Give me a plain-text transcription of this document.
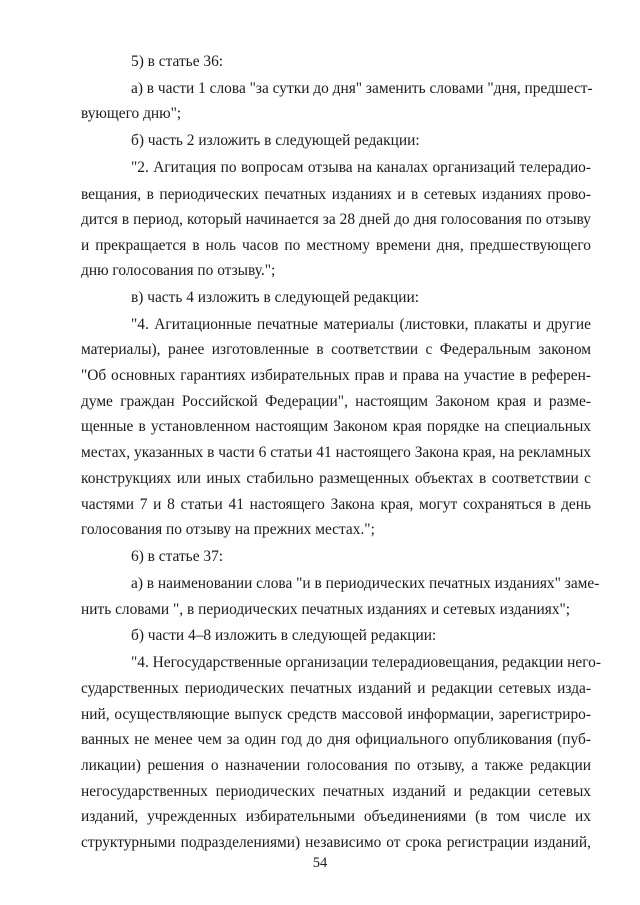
5) в статье 36:
а) в части 1 слова "за сутки до дня" заменить словами "дня, предшест-
вующего дню";
б) часть 2 изложить в следующей редакции:
"2. Агитация по вопросам отзыва на каналах организаций телерадио-
вещания, в периодических печатных изданиях и в сетевых изданиях прово-
дится в период, который начинается за 28 дней до дня голосования по отзыву
и прекращается в ноль часов по местному времени дня, предшествующего
дню голосования по отзыву.";
в) часть 4 изложить в следующей редакции:
"4. Агитационные печатные материалы (листовки, плакаты и другие
материалы), ранее изготовленные в соответствии с Федеральным законом
"Об основных гарантиях избирательных прав и права на участие в референ-
думе граждан Российской Федерации", настоящим Законом края и разме-
щенные в установленном настоящим Законом края порядке на специальных
местах, указанных в части 6 статьи 41 настоящего Закона края, на рекламных
конструкциях или иных стабильно размещенных объектах в соответствии с
частями 7 и 8 статьи 41 настоящего Закона края, могут сохраняться в день
голосования по отзыву на прежних местах.";
6) в статье 37:
а) в наименовании слова "и в периодических печатных изданиях" заме-
нить словами ", в периодических печатных изданиях и сетевых изданиях";
б) части 4–8 изложить в следующей редакции:
"4. Негосударственные организации телерадиовещания, редакции него-
сударственных периодических печатных изданий и редакции сетевых изда-
ний, осуществляющие выпуск средств массовой информации, зарегистриро-
ванных не менее чем за один год до дня официального опубликования (пуб-
ликации) решения о назначении голосования по отзыву, а также редакции
негосударственных периодических печатных изданий и редакции сетевых
изданий, учрежденных избирательными объединениями (в том числе их
структурными подразделениями) независимо от срока регистрации изданий,
54
